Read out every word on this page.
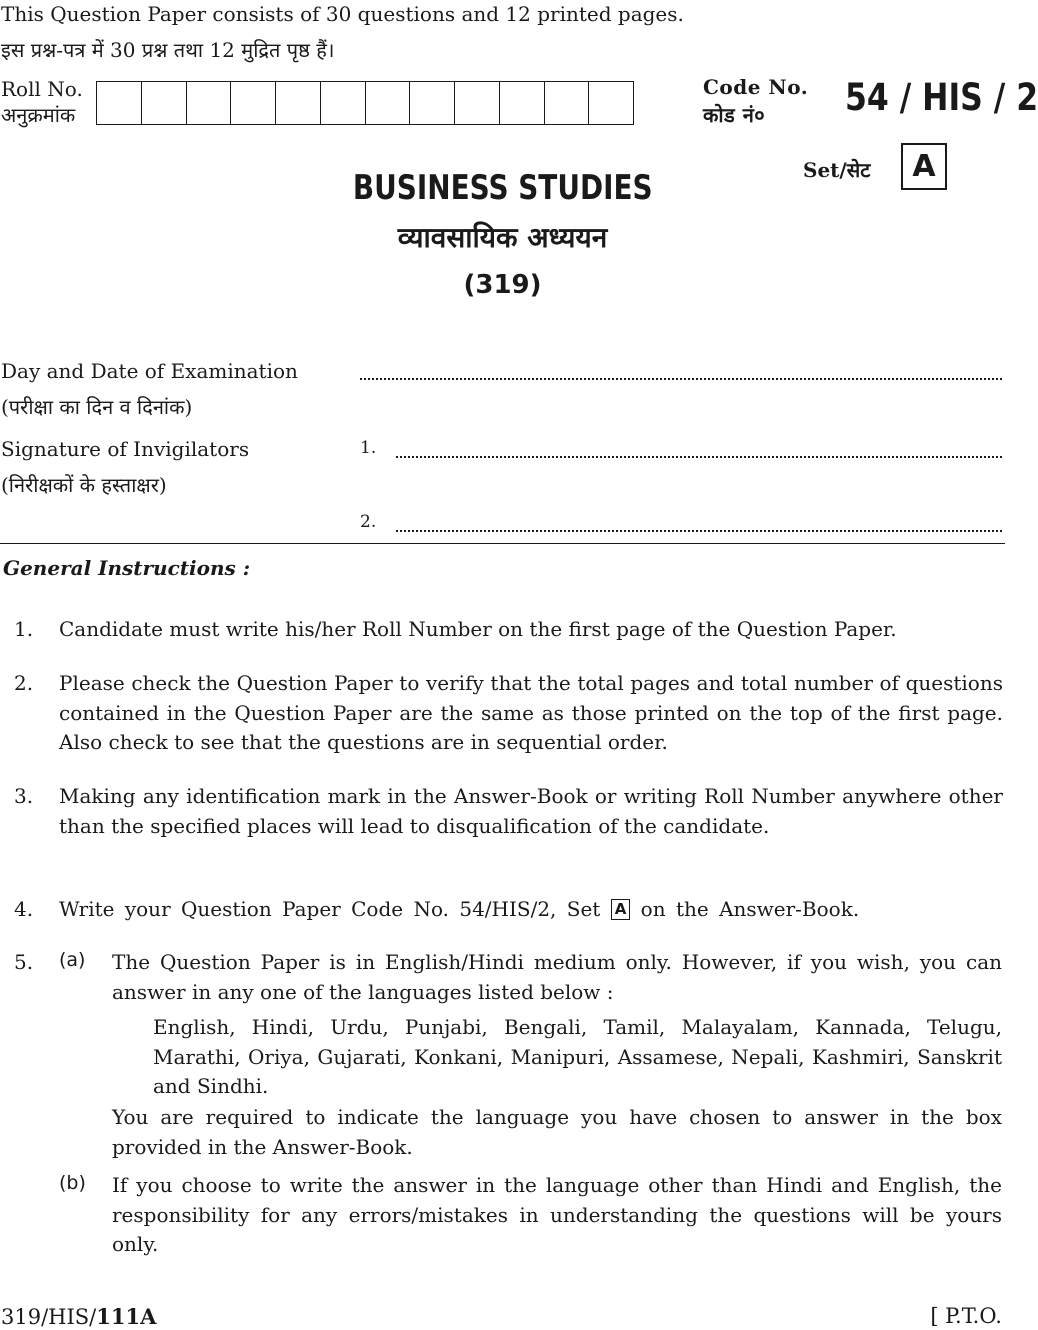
This Question Paper consists of 30 questions and 12 printed pages.
इस प्रश्न-पत्र में 30 प्रश्न तथा 12 मुद्रित पृष्ठ हैं।
Roll No.
अनुक्रमांक
Code No.
कोड नं०	54 / HIS / 2
Set/सेट	A
BUSINESS STUDIES
व्यावसायिक अध्ययन
(319)
Day and Date of Examination
(परीक्षा का दिन व दिनांक)
Signature of Invigilators
(निरीक्षकों के हस्ताक्षर)
1.
2.
General Instructions :
1. Candidate must write his/her Roll Number on the first page of the Question Paper.
2. Please check the Question Paper to verify that the total pages and total number of questions contained in the Question Paper are the same as those printed on the top of the first page. Also check to see that the questions are in sequential order.
3. Making any identification mark in the Answer-Book or writing Roll Number anywhere other than the specified places will lead to disqualification of the candidate.
4. Write your Question Paper Code No. 54/HIS/2, Set A on the Answer-Book.
5. (a) The Question Paper is in English/Hindi medium only. However, if you wish, you can answer in any one of the languages listed below :
English, Hindi, Urdu, Punjabi, Bengali, Tamil, Malayalam, Kannada, Telugu, Marathi, Oriya, Gujarati, Konkani, Manipuri, Assamese, Nepali, Kashmiri, Sanskrit and Sindhi.
You are required to indicate the language you have chosen to answer in the box provided in the Answer-Book.
(b) If you choose to write the answer in the language other than Hindi and English, the responsibility for any errors/mistakes in understanding the questions will be yours only.
319/HIS/111A	[ P.T.O.
